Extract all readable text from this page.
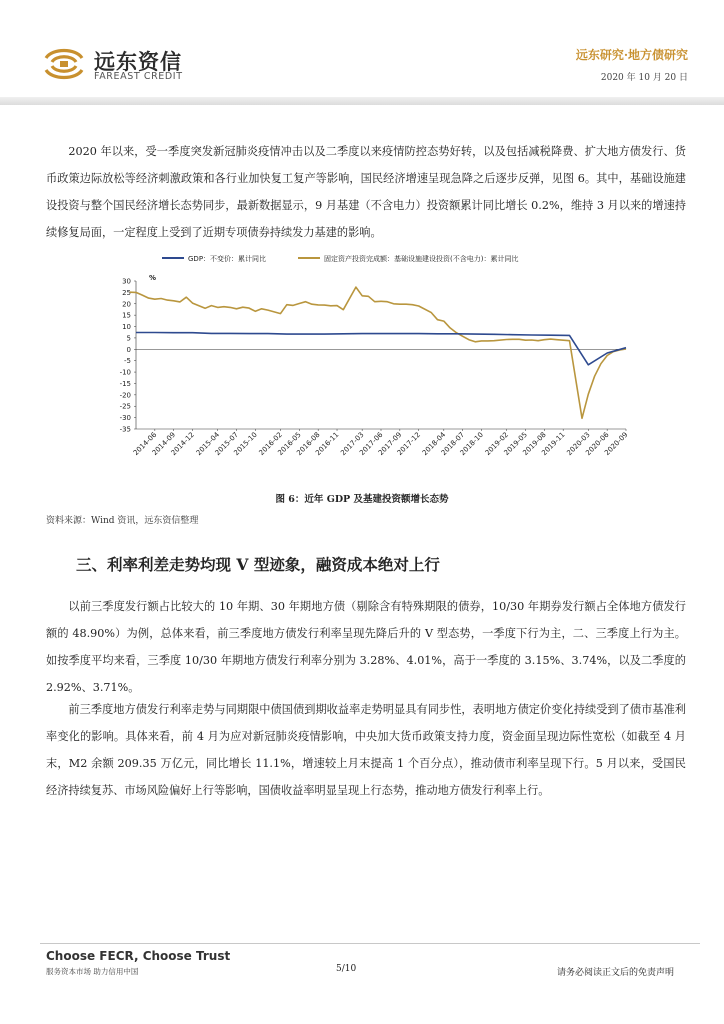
远东资信
FAREAST CREDIT
远东研究·地方债研究
2020 年 10 月 20 日

2020 年以来，受一季度突发新冠肺炎疫情冲击以及二季度以来疫情防控态势好转，以及包括减税降费、扩大地方债发行、货币政策边际放松等经济刺激政策和各行业加快复工复产等影响，国民经济增速呈现急降之后逐步反弹，见图 6。其中，基础设施建设投资与整个国民经济增长态势同步，最新数据显示，9 月基建（不含电力）投资额累计同比增长 0.2%，维持 3 月以来的增速持续修复局面，一定程度上受到了近期专项债券持续发力基建的影响。

GDP：不变价：累计同比	固定资产投资完成额：基础设施建设投资(不含电力)：累计同比
%
30
25
20
15
10
5
0
-5
-10
-15
-20
-25
-30
-35
2014-06
2014-09
2014-12
2015-04
2015-07
2015-10
2016-02
2016-05
2016-08
2016-11
2017-03
2017-06
2017-09
2017-12
2018-04
2018-07
2018-10
2019-02
2019-05
2019-08
2019-11
2020-03
2020-06
2020-09
图 6：近年 GDP 及基建投资额增长态势
资料来源：Wind 资讯，远东资信整理
三、利率利差走势均现 V 型迹象，融资成本绝对上行

以前三季度发行额占比较大的 10 年期、30 年期地方债（剔除含有特殊期限的债券，10/30 年期券发行额占全体地方债发行额的 48.90%）为例，总体来看，前三季度地方债发行利率呈现先降后升的 V 型态势，一季度下行为主，二、三季度上行为主。如按季度平均来看，三季度 10/30 年期地方债发行利率分别为 3.28%、4.01%，高于一季度的 3.15%、3.74%，以及二季度的 2.92%、3.71%。

前三季度地方债发行利率走势与同期限中债国债到期收益率走势明显具有同步性，表明地方债定价变化持续受到了债市基准利率变化的影响。具体来看，前 4 月为应对新冠肺炎疫情影响，中央加大货币政策支持力度，资金面呈现边际性宽松（如截至 4 月末，M2 余额 209.35 万亿元，同比增长 11.1%，增速较上月末提高 1 个百分点），推动债市利率呈现下行。5 月以来，受国民经济持续复苏、市场风险偏好上行等影响，国债收益率明显呈现上行态势，推动地方债发行利率上行。

Choose FECR, Choose Trust
服务资本市场 助力信用中国	5/10	请务必阅读正文后的免责声明
